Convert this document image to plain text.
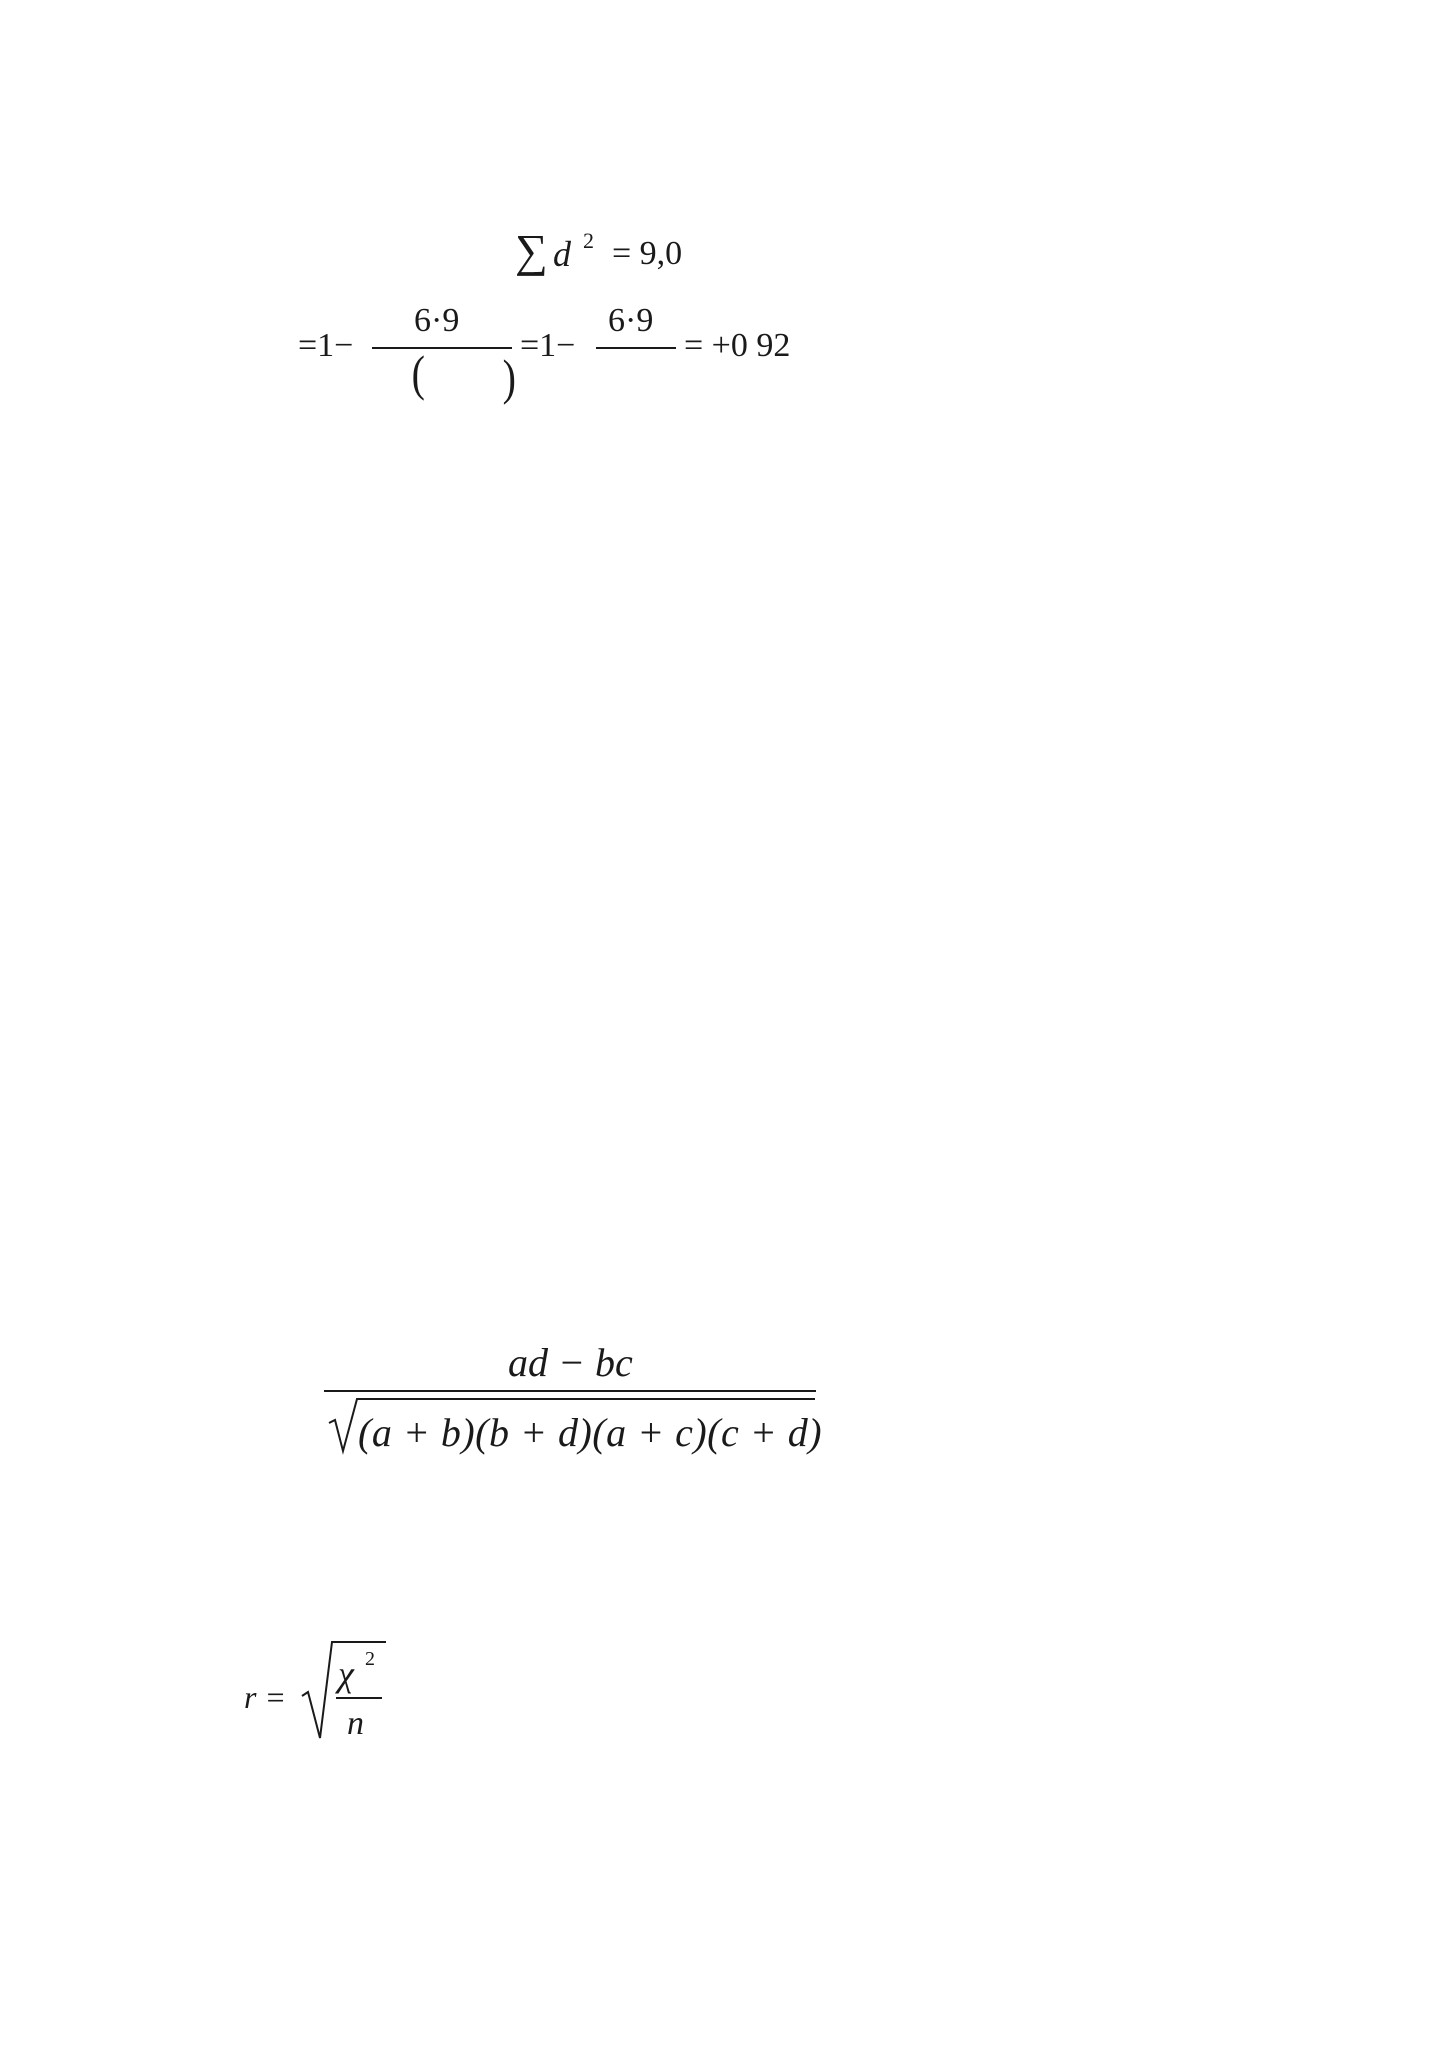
∑ d 2 = 9,0
=1−
6·9
( )
=1−
6·9
= +0 92
ad − bc
(a + b)(b + d)(a + c)(c + d)
r =
χ 2
n
